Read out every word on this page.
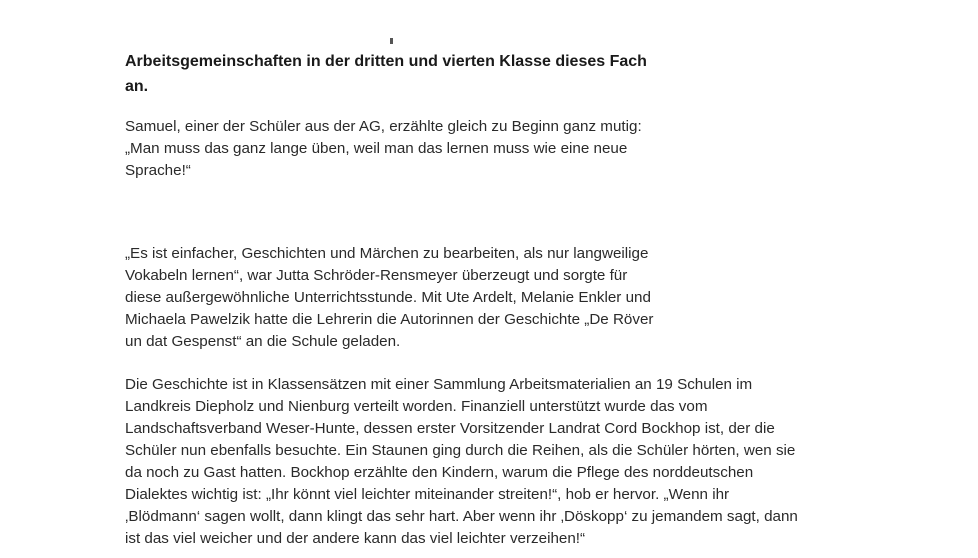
Arbeitsgemeinschaften in der dritten und vierten Klasse dieses Fach
an.

Samuel, einer der Schüler aus der AG, erzählte gleich zu Beginn ganz mutig:
„Man muss das ganz lange üben, weil man das lernen muss wie eine neue
Sprache!“

„Es ist einfacher, Geschichten und Märchen zu bearbeiten, als nur langweilige
Vokabeln lernen“, war Jutta Schröder-Rensmeyer überzeugt und sorgte für
diese außergewöhnliche Unterrichtsstunde. Mit Ute Ardelt, Melanie Enkler und
Michaela Pawelzik hatte die Lehrerin die Autorinnen der Geschichte „De Röver
un dat Gespenst“ an die Schule geladen.

Die Geschichte ist in Klassensätzen mit einer Sammlung Arbeitsmaterialien an 19 Schulen im
Landkreis Diepholz und Nienburg verteilt worden. Finanziell unterstützt wurde das vom
Landschaftsverband Weser-Hunte, dessen erster Vorsitzender Landrat Cord Bockhop ist, der die
Schüler nun ebenfalls besuchte. Ein Staunen ging durch die Reihen, als die Schüler hörten, wen sie
da noch zu Gast hatten. Bockhop erzählte den Kindern, warum die Pflege des norddeutschen
Dialektes wichtig ist: „Ihr könnt viel leichter miteinander streiten!“, hob er hervor. „Wenn ihr
‚Blödmann‘ sagen wollt, dann klingt das sehr hart. Aber wenn ihr ‚Döskopp‘ zu jemandem sagt, dann
ist das viel weicher und der andere kann das viel leichter verzeihen!“
